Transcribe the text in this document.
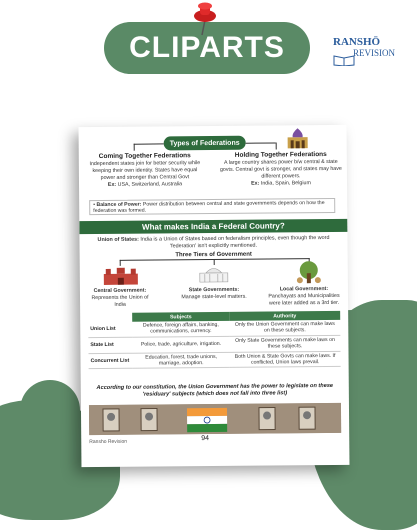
CLIPARTS	RANSHŌ
REVISION
Types of Federations
Coming Together Federations
Independent states join for better security while keeping their own identity. States have equal power and stronger than Central Govt
Ex: USA, Switzerland, Australia
Holding Together Federations
A large country shares power b/w central & state govts. Central govt is stronger, and states may have different powers.
Ex: India, Spain, Belgium
• Balance of Power: Power distribution between central and state governments depends on how the federation was formed.
What makes India a Federal Country?
Union of States: India is a Union of States based on federalism principles, even though the word 'federation' isn't explicitly mentioned.
Three Tiers of Government
Central Government:
Represents the Union of India
State Governments:
Manage state-level matters.
Local Government:
Panchayats and Municipalities were later added as a 3rd tier.
	Subjects	Authority
Union List	Defence, foreign affairs, banking, communications, currency.	Only the Union Government can make laws on these subjects.
State List	Police, trade, agriculture, irrigation.	Only State Governments can make laws on these subjects.
Concurrent List	Education, forest, trade unions, marriage, adoption.	Both Union & State Govts can make laws. If conflicted, Union laws prevail.
According to our constitution, the Union Government has the power to legislate on these 'residuary' subjects (which does not fall into three list)
Ransho Revision	94
